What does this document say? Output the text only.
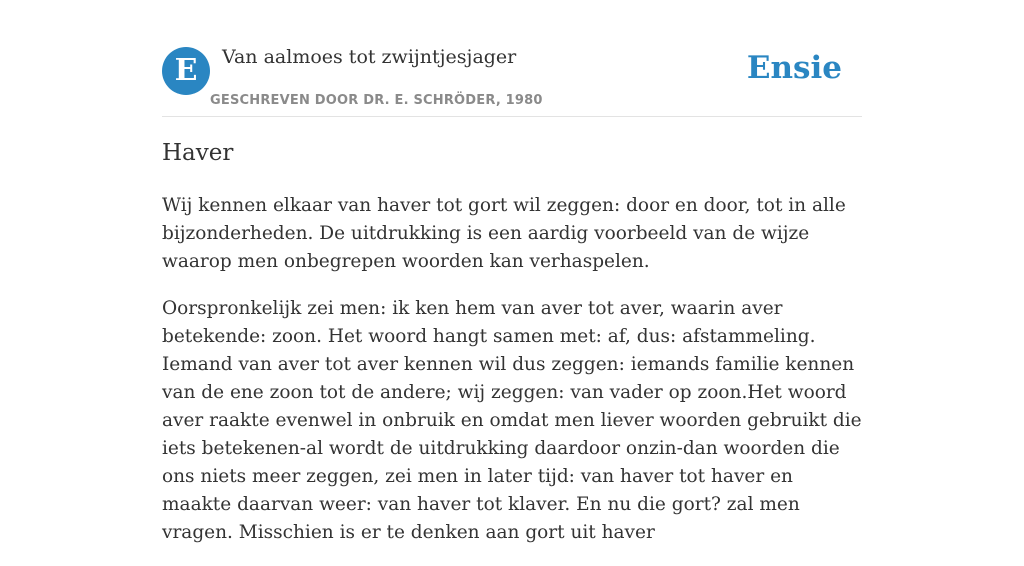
E	Van aalmoes tot zwijntjesjager
GESCHREVEN DOOR DR. E. SCHRÖDER, 1980
Ensie
Haver

Wij kennen elkaar van haver tot gort wil zeggen: door en door, tot in alle bijzonderheden. De uitdrukking is een aardig voorbeeld van de wijze waarop men onbegrepen woorden kan verhaspelen.

Oorspronkelijk zei men: ik ken hem van aver tot aver, waarin aver betekende: zoon. Het woord hangt samen met: af, dus: afstammeling. Iemand van aver tot aver kennen wil dus zeggen: iemands familie kennen van de ene zoon tot de andere; wij zeggen: van vader op zoon.Het woord aver raakte evenwel in onbruik en omdat men liever woorden gebruikt die iets betekenen-al wordt de uitdrukking daardoor onzin-dan woorden die ons niets meer zeggen, zei men in later tijd: van haver tot haver en maakte daarvan weer: van haver tot klaver. En nu die gort? zal men vragen. Misschien is er te denken aan gort uit haver
